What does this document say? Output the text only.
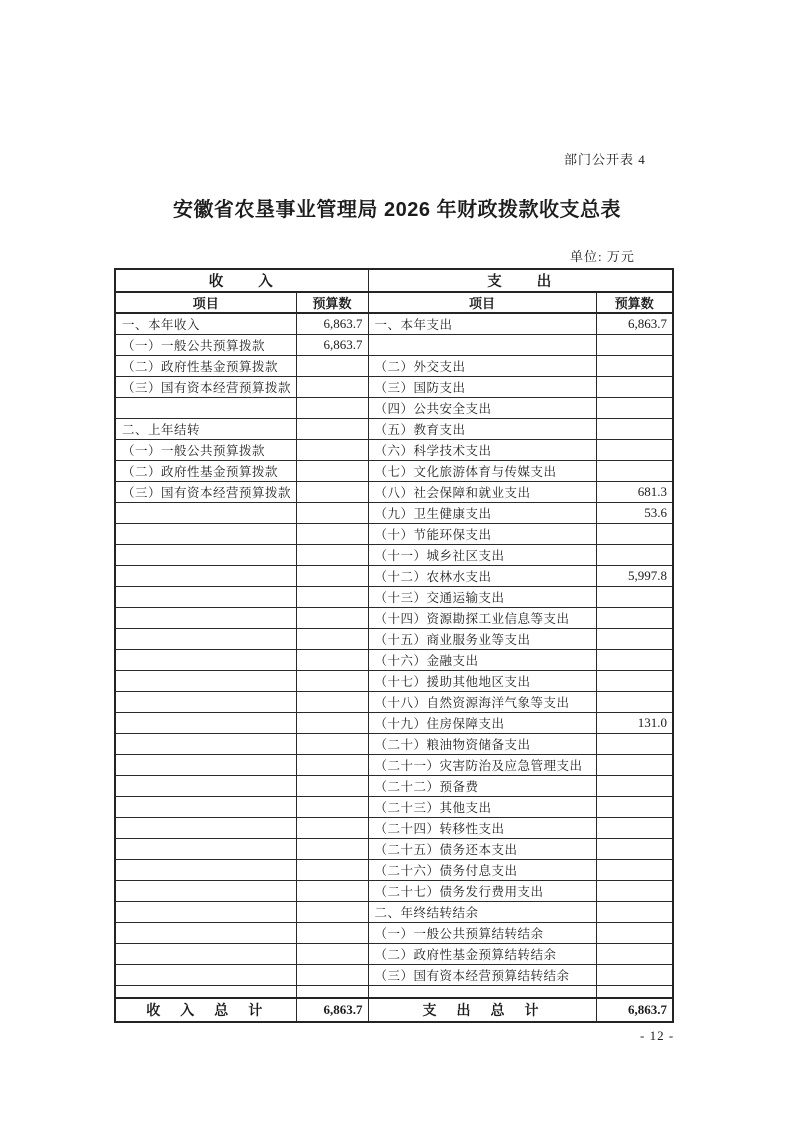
部门公开表 4
安徽省农垦事业管理局 2026 年财政拨款收支总表
单位: 万元
收　　入		支　　出	
项目	预算数	项目	预算数
一、本年收入	6,863.7	一、本年支出	6,863.7
（一）一般公共预算拨款	6,863.7		
（二）政府性基金预算拨款		（二）外交支出	
（三）国有资本经营预算拨款		（三）国防支出	
		（四）公共安全支出	
二、上年结转		（五）教育支出	
（一）一般公共预算拨款		（六）科学技术支出	
（二）政府性基金预算拨款		（七）文化旅游体育与传媒支出	
（三）国有资本经营预算拨款		（八）社会保障和就业支出	681.3
		（九）卫生健康支出	53.6
		（十）节能环保支出	
		（十一）城乡社区支出	
		（十二）农林水支出	5,997.8
		（十三）交通运输支出	
		（十四）资源勘探工业信息等支出	
		（十五）商业服务业等支出	
		（十六）金融支出	
		（十七）援助其他地区支出	
		（十八）自然资源海洋气象等支出	
		（十九）住房保障支出	131.0
		（二十）粮油物资储备支出	
		（二十一）灾害防治及应急管理支出	
		（二十二）预备费	
		（二十三）其他支出	
		（二十四）转移性支出	
		（二十五）债务还本支出	
		（二十六）债务付息支出	
		（二十七）债务发行费用支出	
		二、年终结转结余	
		（一）一般公共预算结转结余	
		（二）政府性基金预算结转结余	
		（三）国有资本经营预算结转结余	

收　入　总　计	6,863.7	支　出　总　计	6,863.7
- 12 -
